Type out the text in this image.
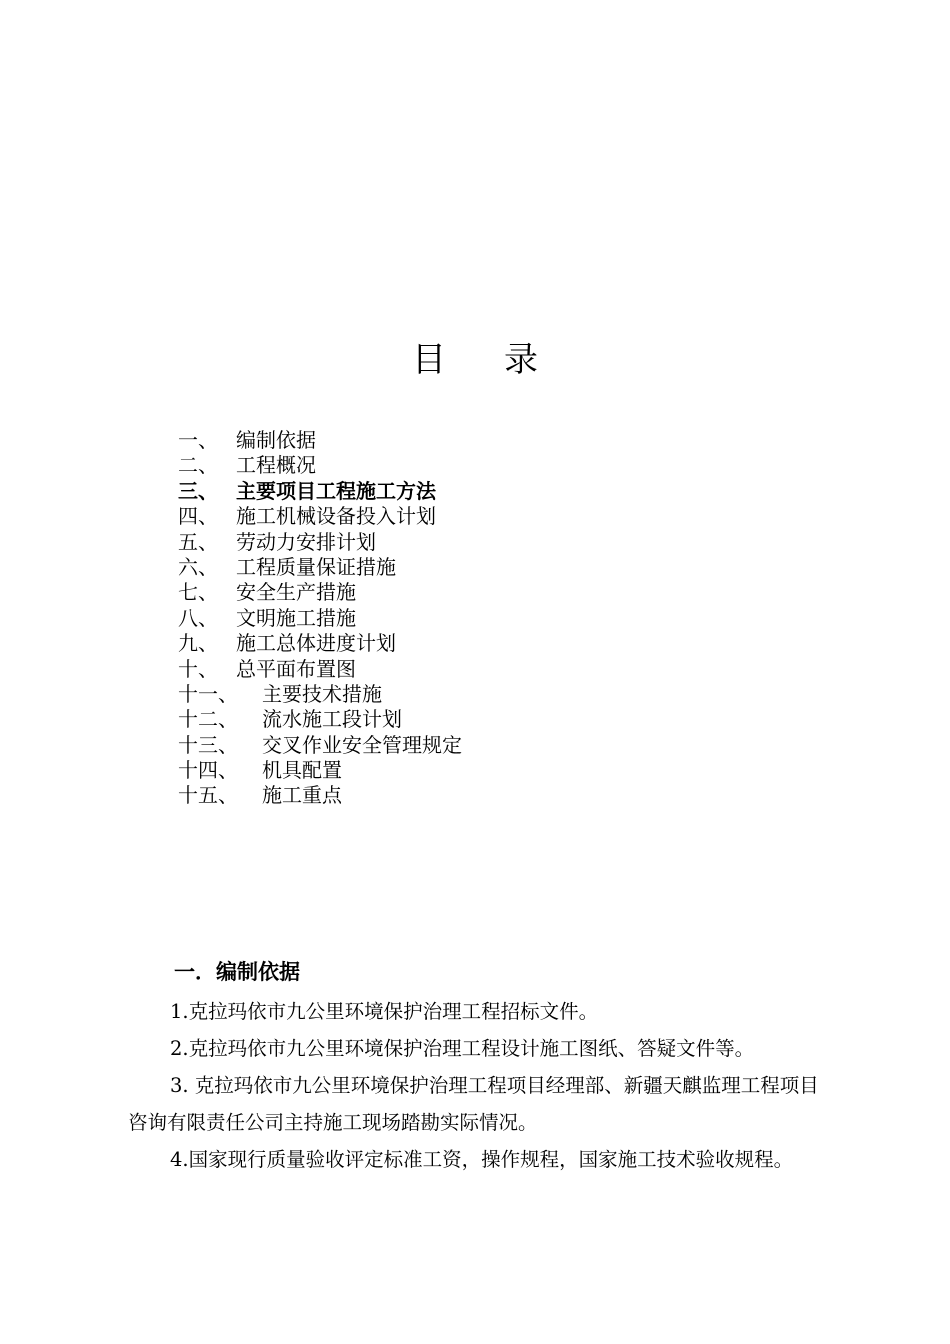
目 录
一、 编制依据
二、 工程概况
三、 主要项目工程施工方法
四、 施工机械设备投入计划
五、 劳动力安排计划
六、 工程质量保证措施
七、 安全生产措施
八、 文明施工措施
九、 施工总体进度计划
十、 总平面布置图
十一、 主要技术措施
十二、 流水施工段计划
十三、 交叉作业安全管理规定
十四、 机具配置
十五、 施工重点
一．编制依据

1.克拉玛依市九公里环境保护治理工程招标文件。

2.克拉玛依市九公里环境保护治理工程设计施工图纸、答疑文件等。

3. 克拉玛依市九公里环境保护治理工程项目经理部、新疆天麒监理工程项目咨询有限责任公司主持施工现场踏勘实际情况。

4.国家现行质量验收评定标准工资，操作规程，国家施工技术验收规程。
